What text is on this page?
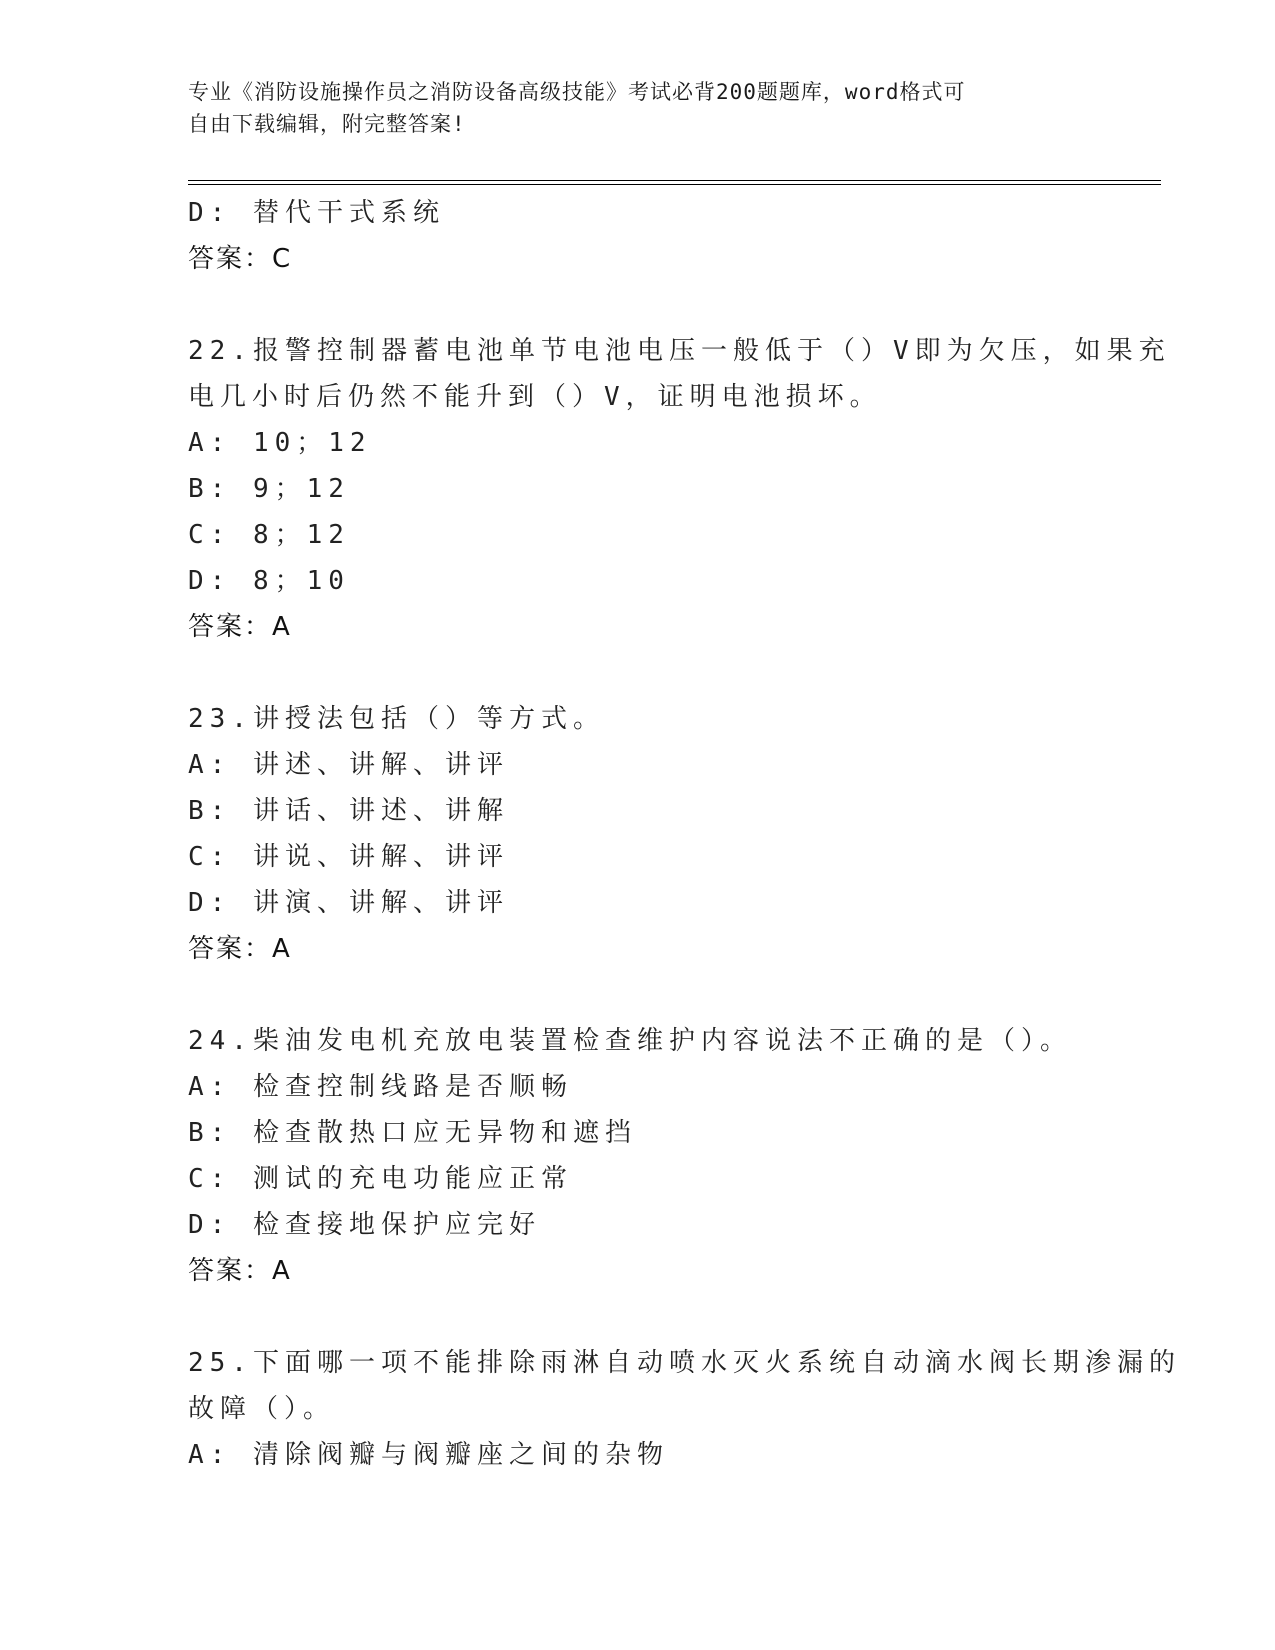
专业《消防设施操作员之消防设备高级技能》考试必背200题题库，word格式可
自由下载编辑，附完整答案!
D: 替代干式系统
答案：C
22.报警控制器蓄电池单节电池电压一般低于（）V即为欠压，如果充
电几小时后仍然不能升到（）V，证明电池损坏。
A: 10；12
B: 9；12
C: 8；12
D: 8；10
答案：A
23.讲授法包括（）等方式。
A: 讲述、讲解、讲评
B: 讲话、讲述、讲解
C: 讲说、讲解、讲评
D: 讲演、讲解、讲评
答案：A
24.柴油发电机充放电装置检查维护内容说法不正确的是（）。
A: 检查控制线路是否顺畅
B: 检查散热口应无异物和遮挡
C: 测试的充电功能应正常
D: 检查接地保护应完好
答案：A
25.下面哪一项不能排除雨淋自动喷水灭火系统自动滴水阀长期渗漏的
故障（）。
A: 清除阀瓣与阀瓣座之间的杂物
